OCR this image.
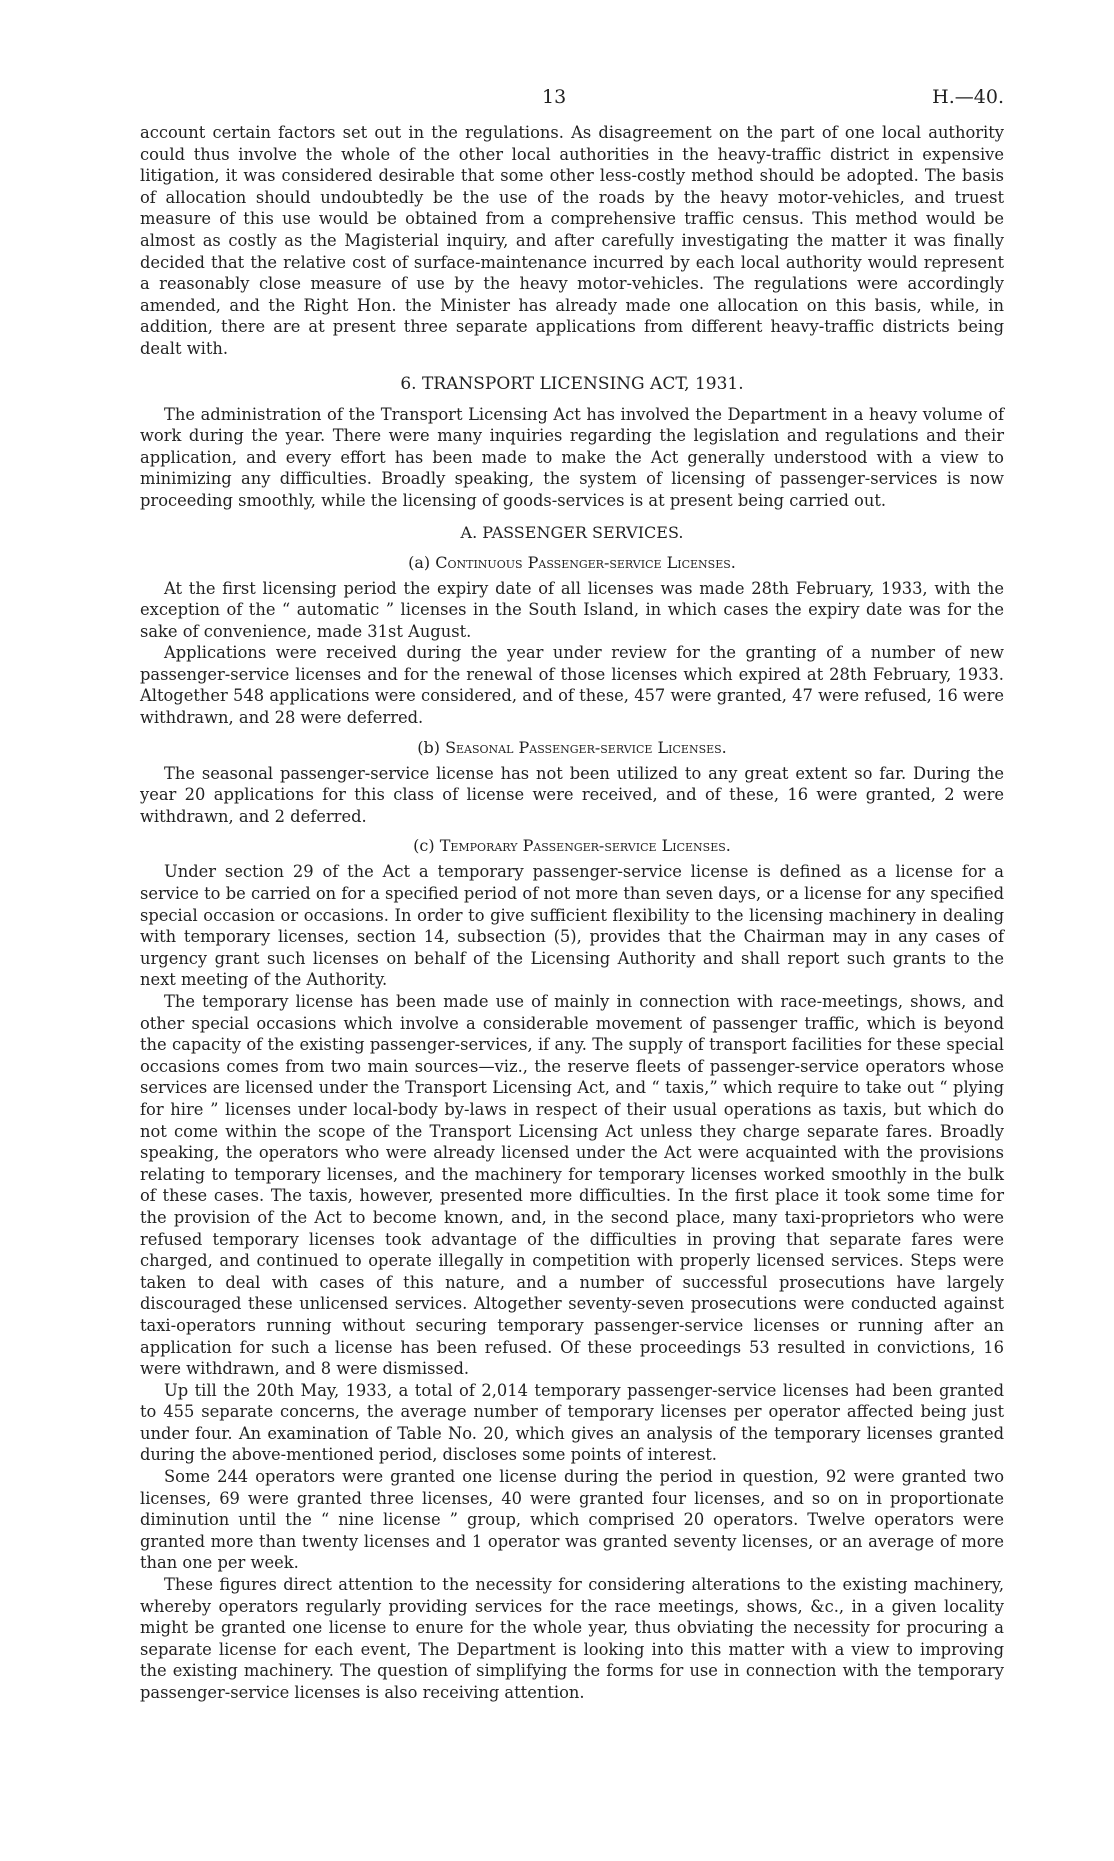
13	H.—40.

account certain factors set out in the regulations. As disagreement on the part of one local authority could thus involve the whole of the other local authorities in the heavy-traffic district in expensive litigation, it was considered desirable that some other less-costly method should be adopted. The basis of allocation should undoubtedly be the use of the roads by the heavy motor-vehicles, and truest measure of this use would be obtained from a comprehensive traffic census. This method would be almost as costly as the Magisterial inquiry, and after carefully investigating the matter it was finally decided that the relative cost of surface-maintenance incurred by each local authority would represent a reasonably close measure of use by the heavy motor-vehicles. The regulations were accordingly amended, and the Right Hon. the Minister has already made one allocation on this basis, while, in addition, there are at present three separate applications from different heavy-traffic districts being dealt with.

6. TRANSPORT LICENSING ACT, 1931.

The administration of the Transport Licensing Act has involved the Department in a heavy volume of work during the year. There were many inquiries regarding the legislation and regulations and their application, and every effort has been made to make the Act generally understood with a view to minimizing any difficulties. Broadly speaking, the system of licensing of passenger-services is now proceeding smoothly, while the licensing of goods-services is at present being carried out.

A. PASSENGER SERVICES.
(a) Continuous Passenger-service Licenses.

At the first licensing period the expiry date of all licenses was made 28th February, 1933, with the exception of the “ automatic ” licenses in the South Island, in which cases the expiry date was for the sake of convenience, made 31st August.

Applications were received during the year under review for the granting of a number of new passenger-service licenses and for the renewal of those licenses which expired at 28th February, 1933. Altogether 548 applications were considered, and of these, 457 were granted, 47 were refused, 16 were withdrawn, and 28 were deferred.

(b) Seasonal Passenger-service Licenses.

The seasonal passenger-service license has not been utilized to any great extent so far. During the year 20 applications for this class of license were received, and of these, 16 were granted, 2 were withdrawn, and 2 deferred.

(c) Temporary Passenger-service Licenses.

Under section 29 of the Act a temporary passenger-service license is defined as a license for a service to be carried on for a specified period of not more than seven days, or a license for any specified special occasion or occasions. In order to give sufficient flexibility to the licensing machinery in dealing with temporary licenses, section 14, subsection (5), provides that the Chairman may in any cases of urgency grant such licenses on behalf of the Licensing Authority and shall report such grants to the next meeting of the Authority.

The temporary license has been made use of mainly in connection with race-meetings, shows, and other special occasions which involve a considerable movement of passenger traffic, which is beyond the capacity of the existing passenger-services, if any. The supply of transport facilities for these special occasions comes from two main sources—viz., the reserve fleets of passenger-service operators whose services are licensed under the Transport Licensing Act, and “ taxis,” which require to take out “ plying for hire ” licenses under local-body by-laws in respect of their usual operations as taxis, but which do not come within the scope of the Transport Licensing Act unless they charge separate fares. Broadly speaking, the operators who were already licensed under the Act were acquainted with the provisions relating to temporary licenses, and the machinery for temporary licenses worked smoothly in the bulk of these cases. The taxis, however, presented more difficulties. In the first place it took some time for the provision of the Act to become known, and, in the second place, many taxi-proprietors who were refused temporary licenses took advantage of the difficulties in proving that separate fares were charged, and continued to operate illegally in competition with properly licensed services. Steps were taken to deal with cases of this nature, and a number of successful prosecutions have largely discouraged these unlicensed services. Altogether seventy-seven prosecutions were conducted against taxi-operators running without securing temporary passenger-service licenses or running after an application for such a license has been refused. Of these proceedings 53 resulted in convictions, 16 were withdrawn, and 8 were dismissed.

Up till the 20th May, 1933, a total of 2,014 temporary passenger-service licenses had been granted to 455 separate concerns, the average number of temporary licenses per operator affected being just under four. An examination of Table No. 20, which gives an analysis of the temporary licenses granted during the above-mentioned period, discloses some points of interest.

Some 244 operators were granted one license during the period in question, 92 were granted two licenses, 69 were granted three licenses, 40 were granted four licenses, and so on in proportionate diminution until the “ nine license ” group, which comprised 20 operators. Twelve operators were granted more than twenty licenses and 1 operator was granted seventy licenses, or an average of more than one per week.

These figures direct attention to the necessity for considering alterations to the existing machinery, whereby operators regularly providing services for the race meetings, shows, &c., in a given locality might be granted one license to enure for the whole year, thus obviating the necessity for procuring a separate license for each event, The Department is looking into this matter with a view to improving the existing machinery. The question of simplifying the forms for use in connection with the temporary passenger-service licenses is also receiving attention.
